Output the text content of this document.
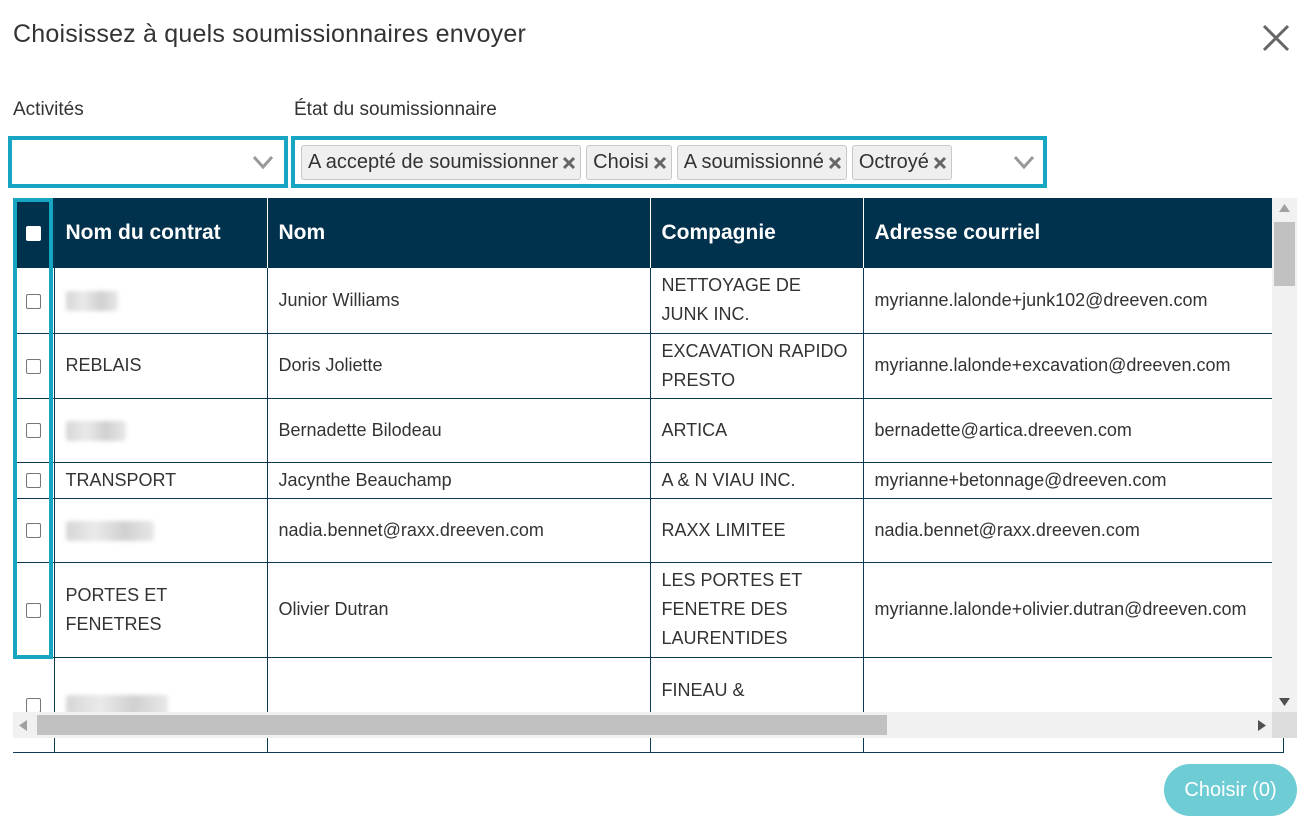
Choisissez à quels soumissionnaires envoyer
Activités	État du soumissionnaire
A accepté de soumissionner Choisi A soumissionné Octroyé
	Nom du contrat	Nom	Compagnie	Adresse courriel
		Junior Williams	NETTOYAGE DE JUNK INC.	myrianne.lalonde+junk102@dreeven.com
	REBLAIS	Doris Joliette	EXCAVATION RAPIDO PRESTO	myrianne.lalonde+excavation@dreeven.com
		Bernadette Bilodeau	ARTICA	bernadette@artica.dreeven.com
	TRANSPORT	Jacynthe Beauchamp	A & N VIAU INC.	myrianne+betonnage@dreeven.com
		nadia.bennet@raxx.dreeven.com	RAXX LIMITEE	nadia.bennet@raxx.dreeven.com
	PORTES ET FENETRES	Olivier Dutran	LES PORTES ET FENETRE DES LAURENTIDES	myrianne.lalonde+olivier.dutran@dreeven.com
			FINEAU &	
Choisir (0)
